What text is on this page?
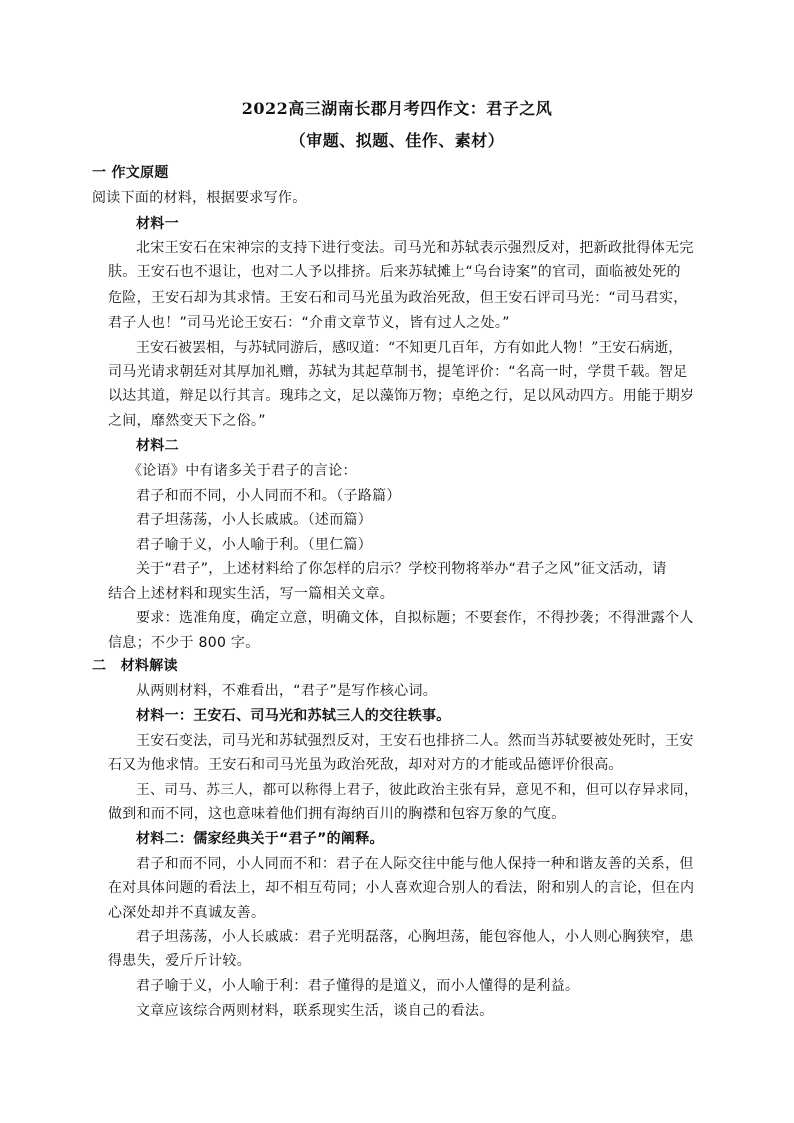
2022高三湖南长郡月考四作文：君子之风
（审题、拟题、佳作、素材）
一 作文原题
阅读下面的材料，根据要求写作。
材料一
北宋王安石在宋神宗的支持下进行变法。司马光和苏轼表示强烈反对，把新政批得体无完
肤。王安石也不退让，也对二人予以排挤。后来苏轼摊上“乌台诗案”的官司，面临被处死的
危险，王安石却为其求情。王安石和司马光虽为政治死敌，但王安石评司马光：“司马君实，
君子人也！”司马光论王安石：“介甫文章节义，皆有过人之处。”
王安石被罢相，与苏轼同游后，感叹道：“不知更几百年，方有如此人物！”王安石病逝，
司马光请求朝廷对其厚加礼赠，苏轼为其起草制书，提笔评价：“名高一时，学贯千载。智足
以达其道，辩足以行其言。瑰玮之文，足以藻饰万物；卓绝之行，足以风动四方。用能于期岁
之间，靡然变天下之俗。”
材料二
《论语》中有诸多关于君子的言论：
君子和而不同，小人同而不和。（子路篇）
君子坦荡荡，小人长戚戚。（述而篇）
君子喻于义，小人喻于利。（里仁篇）
关于“君子”，上述材料给了你怎样的启示？学校刊物将举办“君子之风”征文活动，请
结合上述材料和现实生活，写一篇相关文章。
要求：选准角度，确定立意，明确文体，自拟标题；不要套作，不得抄袭；不得泄露个人
信息；不少于 800 字。
二　材料解读
从两则材料，不难看出，“君子”是写作核心词。
材料一：王安石、司马光和苏轼三人的交往轶事。
王安石变法，司马光和苏轼强烈反对，王安石也排挤二人。然而当苏轼要被处死时，王安
石又为他求情。王安石和司马光虽为政治死敌，却对对方的才能或品德评价很高。
王、司马、苏三人，都可以称得上君子，彼此政治主张有异，意见不和，但可以存异求同，
做到和而不同，这也意味着他们拥有海纳百川的胸襟和包容万象的气度。
材料二：儒家经典关于“君子”的阐释。
君子和而不同，小人同而不和：君子在人际交往中能与他人保持一种和谐友善的关系，但
在对具体问题的看法上，却不相互苟同；小人喜欢迎合别人的看法，附和别人的言论，但在内
心深处却并不真诚友善。
君子坦荡荡，小人长戚戚：君子光明磊落，心胸坦荡，能包容他人，小人则心胸狭窄，患
得患失，爱斤斤计较。
君子喻于义，小人喻于利：君子懂得的是道义，而小人懂得的是利益。
文章应该综合两则材料，联系现实生活，谈自己的看法。
